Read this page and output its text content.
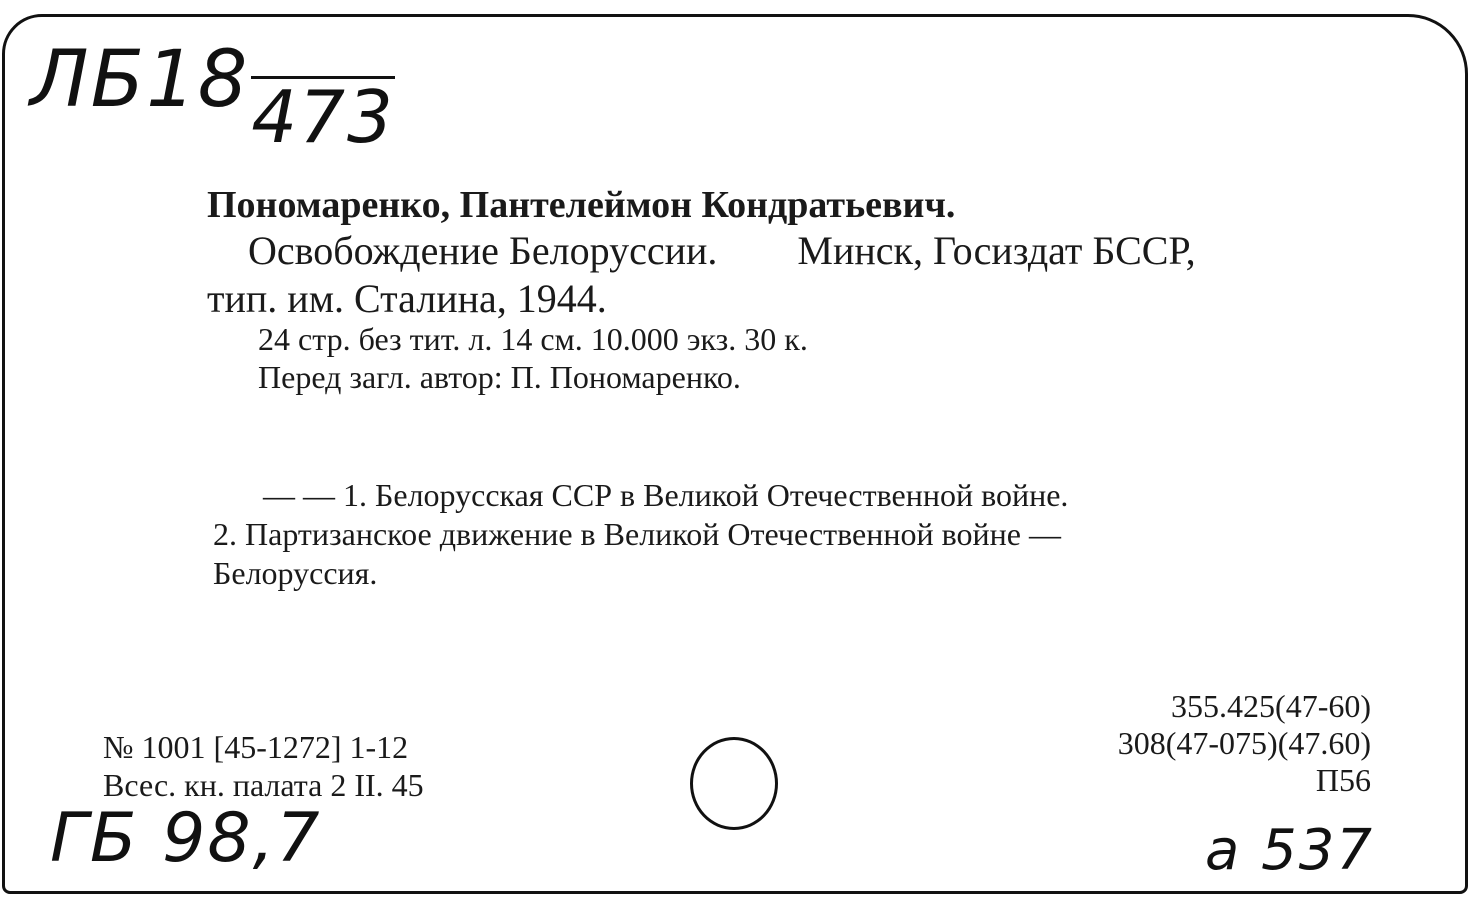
ЛБ18473
Пономаренко, Пантелеймон Кондратьевич.
Освобождение Белоруссии. Минск, Госиздат БССР,
тип. им. Сталина, 1944.
24 стр. без тит. л. 14 см. 10.000 экз. 30 к.
Перед загл. автор: П. Пономаренко.
— — 1. Белорусская ССР в Великой Отечественной войне.
2. Партизанское движение в Великой Отечественной войне —
Белоруссия.
№ 1001 [45-1272] 1-12
Всес. кн. палата 2 II. 45
355.425(47-60)
308(47-075)(47.60)
П56
ГБ 98,7	а 537
